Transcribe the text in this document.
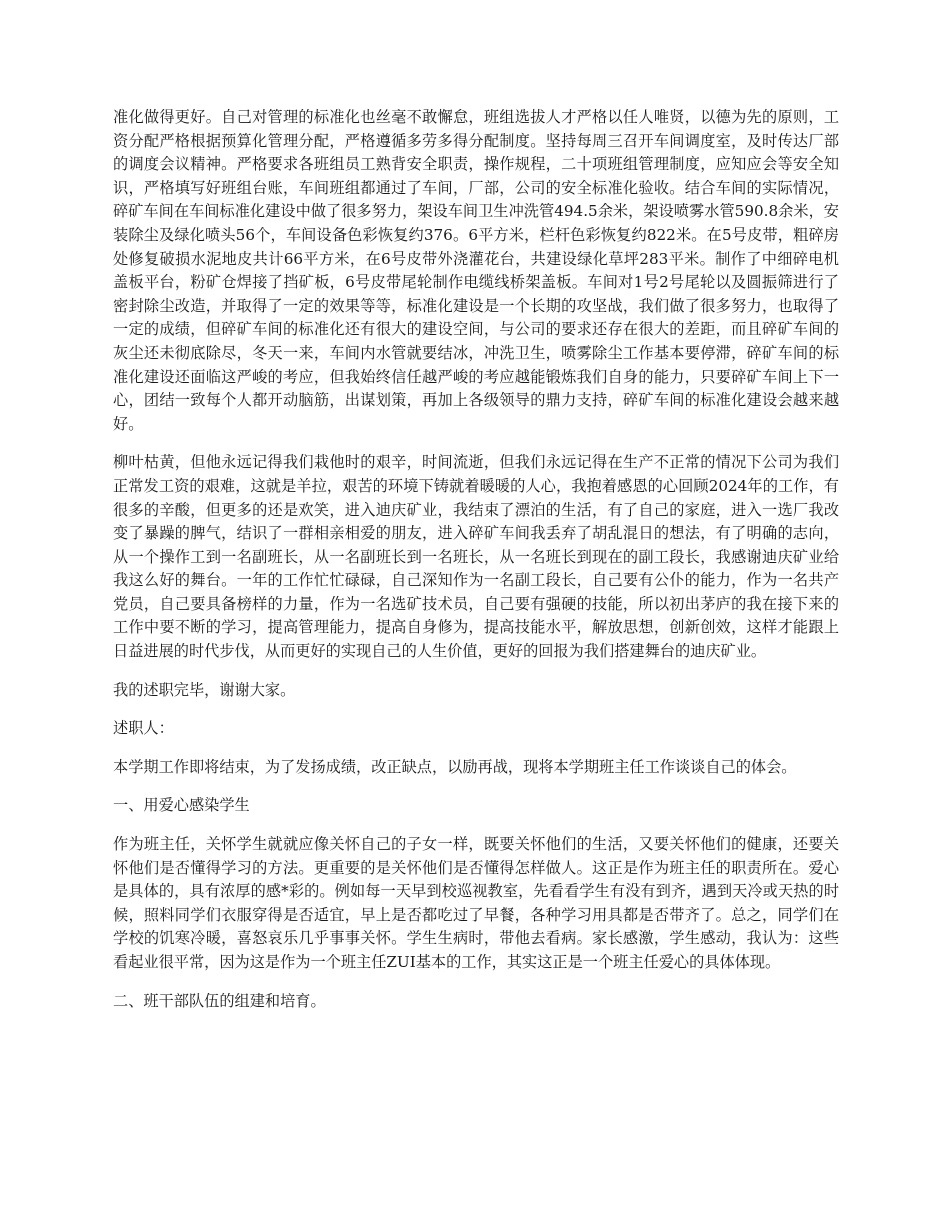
准化做得更好。自己对管理的标准化也丝毫不敢懈怠，班组选拔人才严格以任人唯贤，以德为先的原则，工资分配严格根据预算化管理分配，严格遵循多劳多得分配制度。坚持每周三召开车间调度室，及时传达厂部的调度会议精神。严格要求各班组员工熟背安全职责，操作规程，二十项班组管理制度，应知应会等安全知识，严格填写好班组台账，车间班组都通过了车间，厂部，公司的安全标准化验收。结合车间的实际情况，碎矿车间在车间标准化建设中做了很多努力，架设车间卫生冲洗管494.5余米，架设喷雾水管590.8余米，安装除尘及绿化喷头56个，车间设备色彩恢复约376。6平方米，栏杆色彩恢复约822米。在5号皮带，粗碎房处修复破损水泥地皮共计66平方米，在6号皮带外浇灌花台，共建设绿化草坪283平米。制作了中细碎电机盖板平台，粉矿仓焊接了挡矿板，6号皮带尾轮制作电缆线桥架盖板。车间对1号2号尾轮以及圆振筛进行了密封除尘改造，并取得了一定的效果等等，标准化建设是一个长期的攻坚战，我们做了很多努力，也取得了一定的成绩，但碎矿车间的标准化还有很大的建设空间，与公司的要求还存在很大的差距，而且碎矿车间的灰尘还未彻底除尽，冬天一来，车间内水管就要结冰，冲洗卫生，喷雾除尘工作基本要停滞，碎矿车间的标准化建设还面临这严峻的考应，但我始终信任越严峻的考应越能锻炼我们自身的能力，只要碎矿车间上下一心，团结一致每个人都开动脑筋，出谋划策，再加上各级领导的鼎力支持，碎矿车间的标准化建设会越来越好。

柳叶枯黄，但他永远记得我们栽他时的艰辛，时间流逝，但我们永远记得在生产不正常的情况下公司为我们正常发工资的艰难，这就是羊拉，艰苦的环境下铸就着暖暖的人心，我抱着感恩的心回顾2024年的工作，有很多的辛酸，但更多的还是欢笑，进入迪庆矿业，我结束了漂泊的生活，有了自己的家庭，进入一选厂我改变了暴躁的脾气，结识了一群相亲相爱的朋友，进入碎矿车间我丢弃了胡乱混日的想法，有了明确的志向，从一个操作工到一名副班长，从一名副班长到一名班长，从一名班长到现在的副工段长，我感谢迪庆矿业给我这么好的舞台。一年的工作忙忙碌碌，自己深知作为一名副工段长，自己要有公仆的能力，作为一名共产党员，自己要具备榜样的力量，作为一名选矿技术员，自己要有强硬的技能，所以初出茅庐的我在接下来的工作中要不断的学习，提高管理能力，提高自身修为，提高技能水平，解放思想，创新创效，这样才能跟上日益进展的时代步伐，从而更好的实现自己的人生价值，更好的回报为我们搭建舞台的迪庆矿业。

我的述职完毕，谢谢大家。

述职人：

本学期工作即将结束，为了发扬成绩，改正缺点，以励再战，现将本学期班主任工作谈谈自己的体会。

一、用爱心感染学生

作为班主任，关怀学生就就应像关怀自己的子女一样，既要关怀他们的生活，又要关怀他们的健康，还要关怀他们是否懂得学习的方法。更重要的是关怀他们是否懂得怎样做人。这正是作为班主任的职责所在。爱心是具体的，具有浓厚的感*彩的。例如每一天早到校巡视教室，先看看学生有没有到齐，遇到天冷或天热的时候，照料同学们衣服穿得是否适宜，早上是否都吃过了早餐，各种学习用具都是否带齐了。总之，同学们在学校的饥寒冷暖，喜怒哀乐几乎事事关怀。学生生病时，带他去看病。家长感激，学生感动，我认为：这些看起业很平常，因为这是作为一个班主任ZUI基本的工作，其实这正是一个班主任爱心的具体体现。

二、班干部队伍的组建和培育。
